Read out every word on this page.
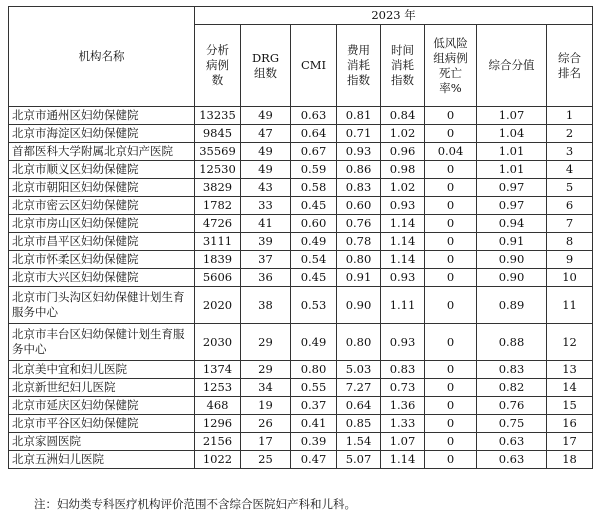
机构名称	2023 年							

	分析病例数	DRG 组数	CMI	费用消耗指数	时间消耗指数	低风险组病例死亡率%	综合分值	综合排名

北京市通州区妇幼保健院	13235	49	0.63	0.81	0.84	0	1.07	1
北京市海淀区妇幼保健院	9845	47	0.64	0.71	1.02	0	1.04	2
首都医科大学附属北京妇产医院	35569	49	0.67	0.93	0.96	0.04	1.01	3
北京市顺义区妇幼保健院	12530	49	0.59	0.86	0.98	0	1.01	4
北京市朝阳区妇幼保健院	3829	43	0.58	0.83	1.02	0	0.97	5
北京市密云区妇幼保健院	1782	33	0.45	0.60	0.93	0	0.97	6
北京市房山区妇幼保健院	4726	41	0.60	0.76	1.14	0	0.94	7
北京市昌平区妇幼保健院	3111	39	0.49	0.78	1.14	0	0.91	8
北京市怀柔区妇幼保健院	1839	37	0.54	0.80	1.14	0	0.90	9
北京市大兴区妇幼保健院	5606	36	0.45	0.91	0.93	0	0.90	10
北京市门头沟区妇幼保健计划生育服务中心	2020	38	0.53	0.90	1.11	0	0.89	11
北京市丰台区妇幼保健计划生育服务中心	2030	29	0.49	0.80	0.93	0	0.88	12
北京美中宜和妇儿医院	1374	29	0.80	5.03	0.83	0	0.83	13
北京新世纪妇儿医院	1253	34	0.55	7.27	0.73	0	0.82	14
北京市延庆区妇幼保健院	468	19	0.37	0.64	1.36	0	0.76	15
北京市平谷区妇幼保健院	1296	26	0.41	0.85	1.33	0	0.75	16
北京家圆医院	2156	17	0.39	1.54	1.07	0	0.63	17
北京五洲妇儿医院	1022	25	0.47	5.07	1.14	0	0.63	18
注：妇幼类专科医疗机构评价范围不含综合医院妇产科和儿科。
